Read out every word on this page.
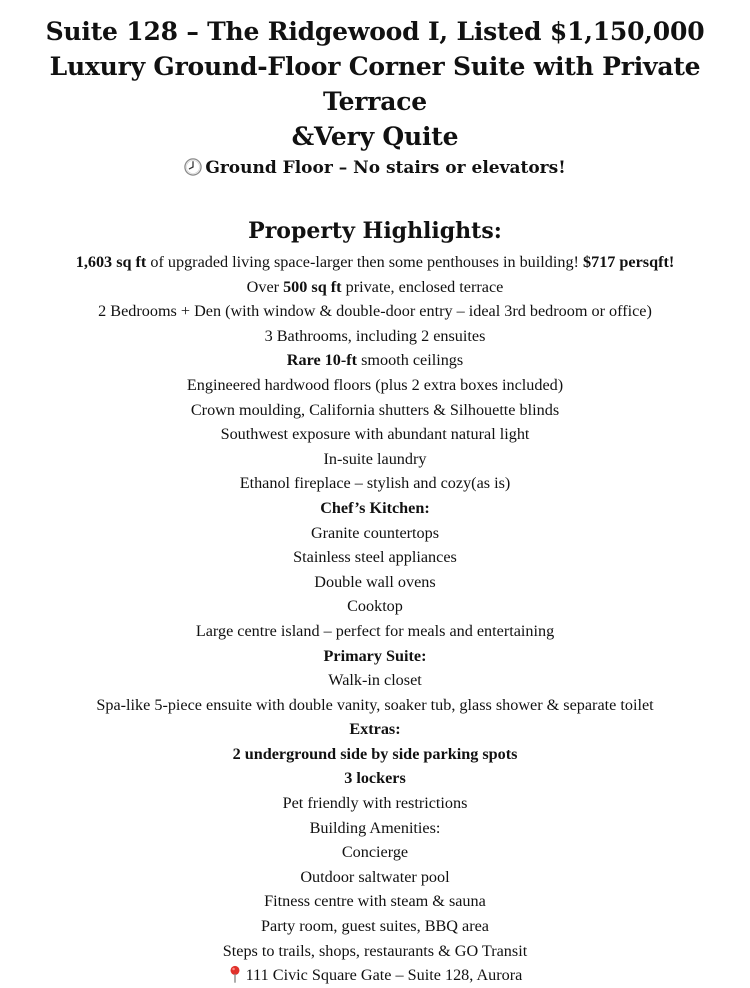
Suite 128 – The Ridgewood I, Listed $1,150,000
Luxury Ground-Floor Corner Suite with Private Terrace
&Very Quite
Ground Floor – No stairs or elevators!
Property Highlights:
1,603 sq ft of upgraded living space-larger then some penthouses in building! $717 persqft!
Over 500 sq ft private, enclosed terrace
2 Bedrooms + Den (with window & double-door entry – ideal 3rd bedroom or office)
3 Bathrooms, including 2 ensuites
Rare 10-ft smooth ceilings
Engineered hardwood floors (plus 2 extra boxes included)
Crown moulding, California shutters & Silhouette blinds
Southwest exposure with abundant natural light
In-suite laundry
Ethanol fireplace – stylish and cozy(as is)
Chef’s Kitchen:
Granite countertops
Stainless steel appliances
Double wall ovens
Cooktop
Large centre island – perfect for meals and entertaining
Primary Suite:
Walk-in closet
Spa-like 5-piece ensuite with double vanity, soaker tub, glass shower & separate toilet
Extras:
2 underground side by side parking spots
3 lockers
Pet friendly with restrictions
Building Amenities:
Concierge
Outdoor saltwater pool
Fitness centre with steam & sauna
Party room, guest suites, BBQ area
Steps to trails, shops, restaurants & GO Transit
111 Civic Square Gate – Suite 128, Aurora
